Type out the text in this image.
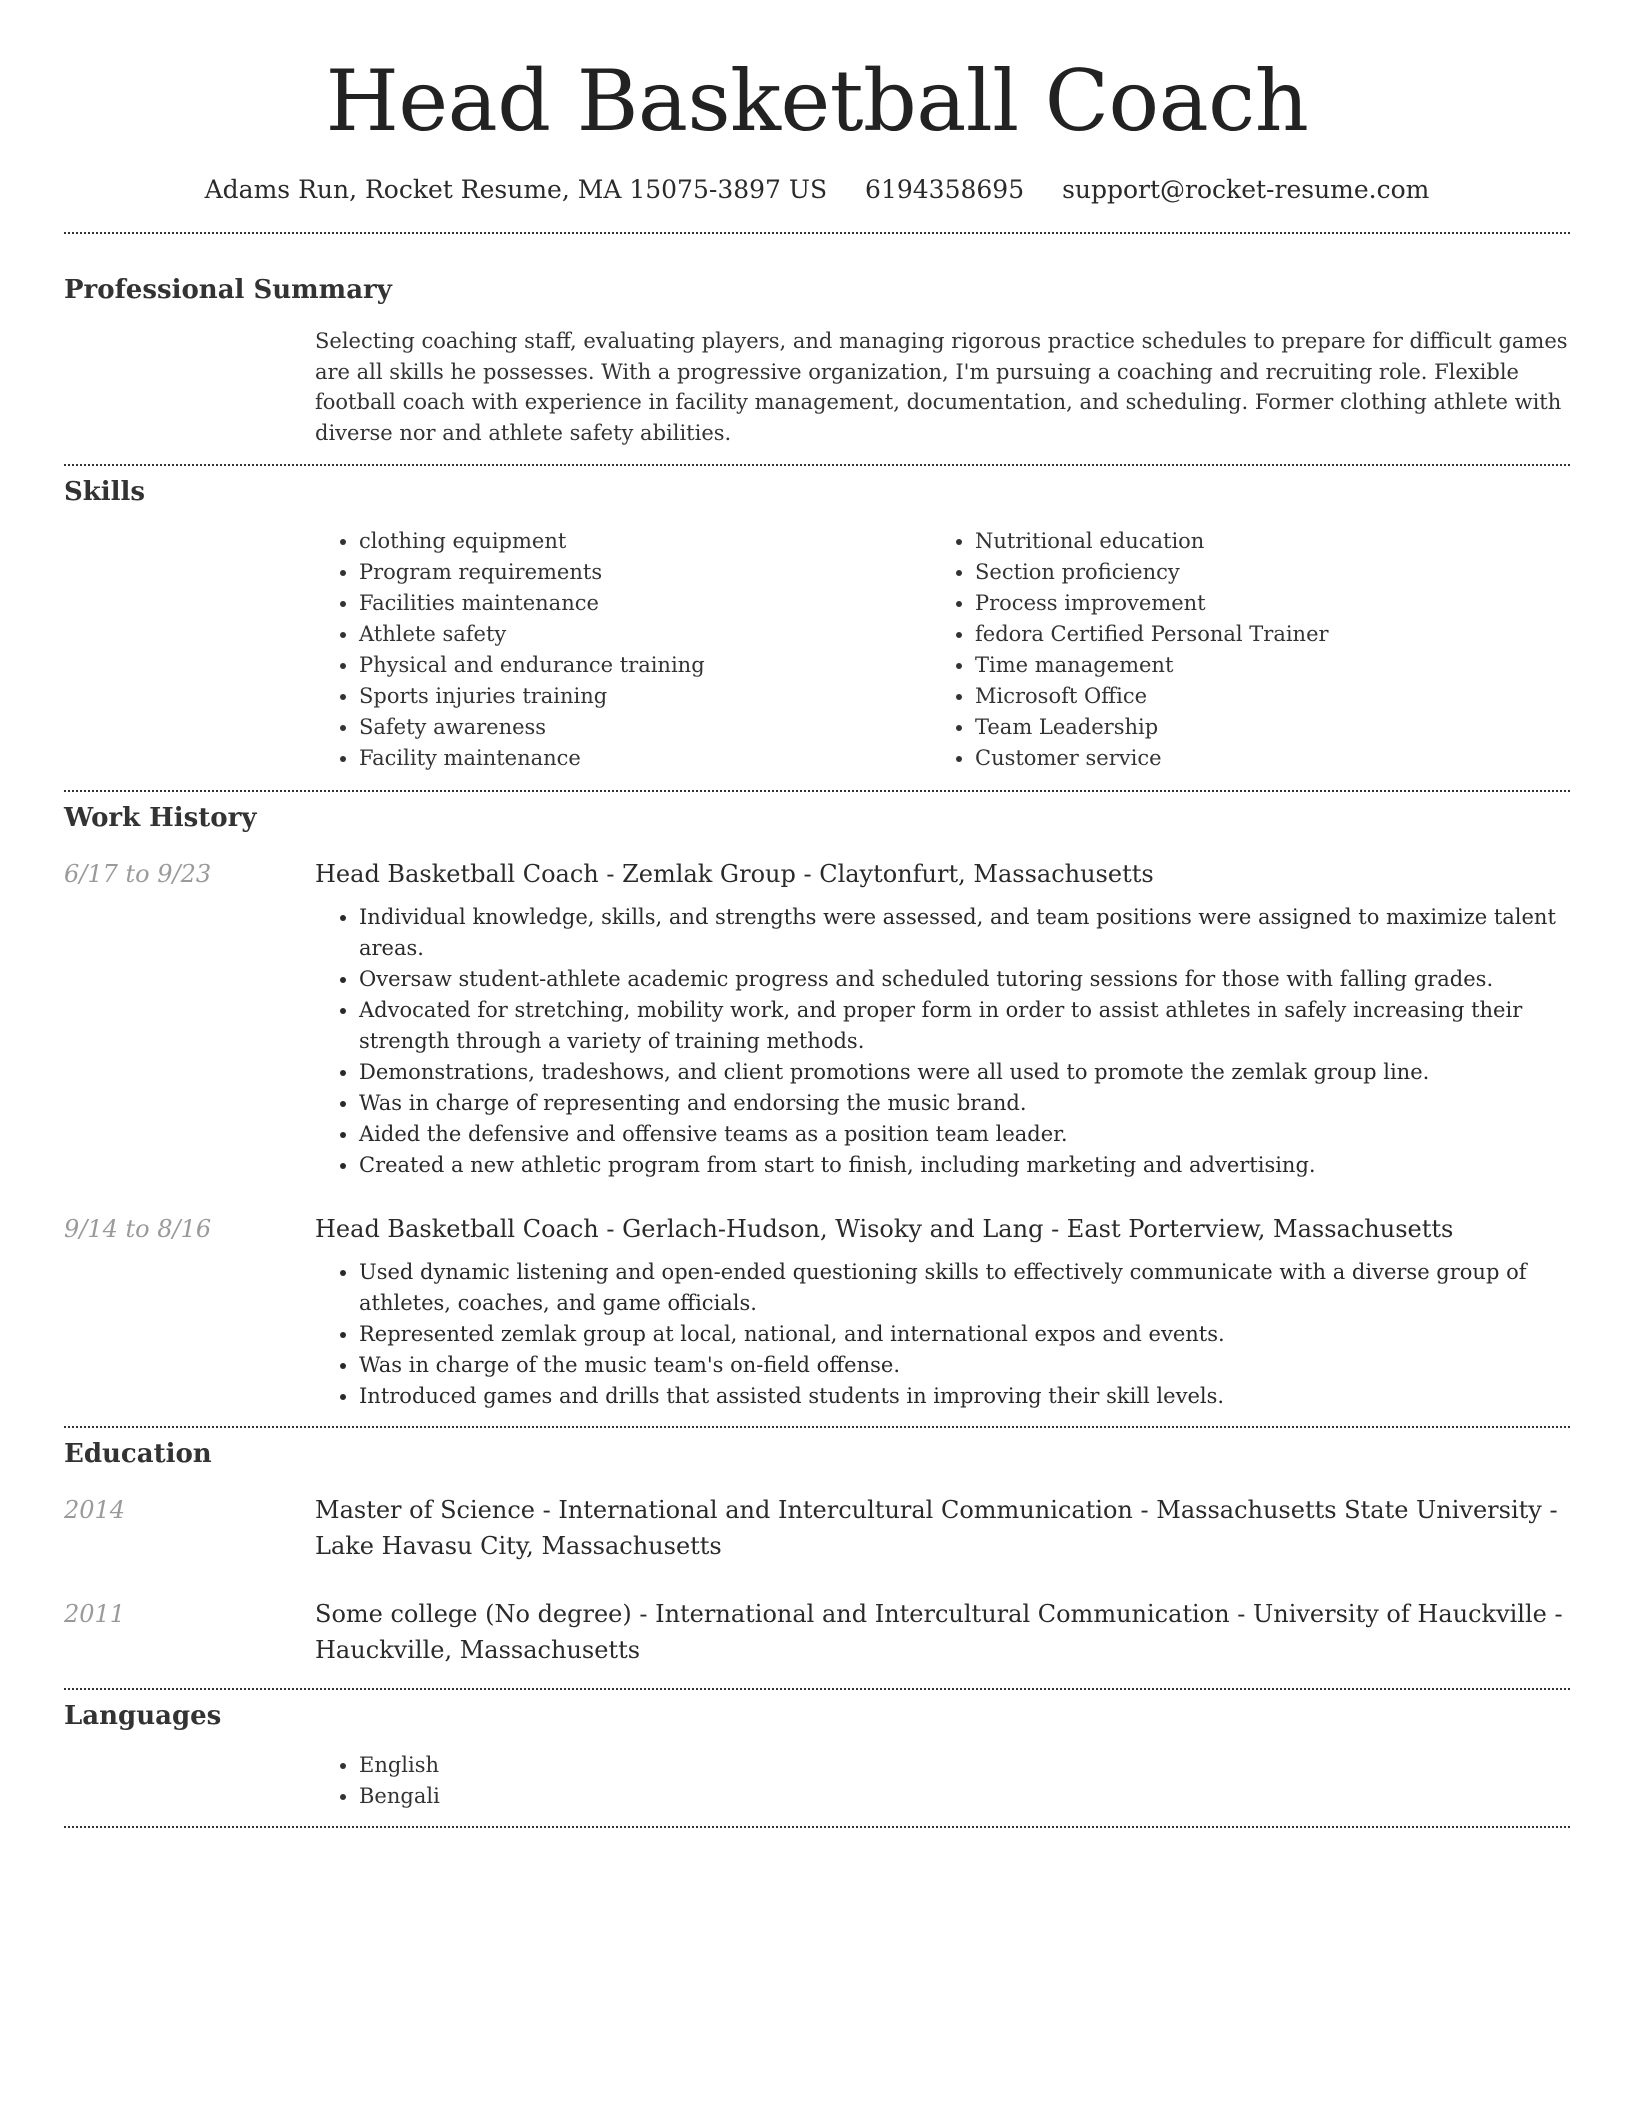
Head Basketball Coach
Adams Run, Rocket Resume, MA 15075-3897 US 6194358695 support@rocket-resume.com
Professional Summary

Selecting coaching staff, evaluating players, and managing rigorous practice schedules to prepare for difficult games are all skills he possesses. With a progressive organization, I'm pursuing a coaching and recruiting role. Flexible football coach with experience in facility management, documentation, and scheduling. Former clothing athlete with diverse nor and athlete safety abilities.

Skills
• clothing equipment
• Program requirements
• Facilities maintenance
• Athlete safety
• Physical and endurance training
• Sports injuries training
• Safety awareness
• Facility maintenance
• Nutritional education
• Section proficiency
• Process improvement
• fedora Certified Personal Trainer
• Time management
• Microsoft Office
• Team Leadership
• Customer service
Work History
6/17 to 9/23	Head Basketball Coach - Zemlak Group - Claytonfurt, Massachusetts
• Individual knowledge, skills, and strengths were assessed, and team positions were assigned to maximize talent areas.
• Oversaw student-athlete academic progress and scheduled tutoring sessions for those with falling grades.
• Advocated for stretching, mobility work, and proper form in order to assist athletes in safely increasing their strength through a variety of training methods.
• Demonstrations, tradeshows, and client promotions were all used to promote the zemlak group line.
• Was in charge of representing and endorsing the music brand.
• Aided the defensive and offensive teams as a position team leader.
• Created a new athletic program from start to finish, including marketing and advertising.
9/14 to 8/16	Head Basketball Coach - Gerlach-Hudson, Wisoky and Lang - East Porterview, Massachusetts
• Used dynamic listening and open-ended questioning skills to effectively communicate with a diverse group of athletes, coaches, and game officials.
• Represented zemlak group at local, national, and international expos and events.
• Was in charge of the music team's on-field offense.
• Introduced games and drills that assisted students in improving their skill levels.
Education
2014	Master of Science - International and Intercultural Communication - Massachusetts State University - Lake Havasu City, Massachusetts
2011	Some college (No degree) - International and Intercultural Communication - University of Hauckville - Hauckville, Massachusetts
Languages
• English
• Bengali
